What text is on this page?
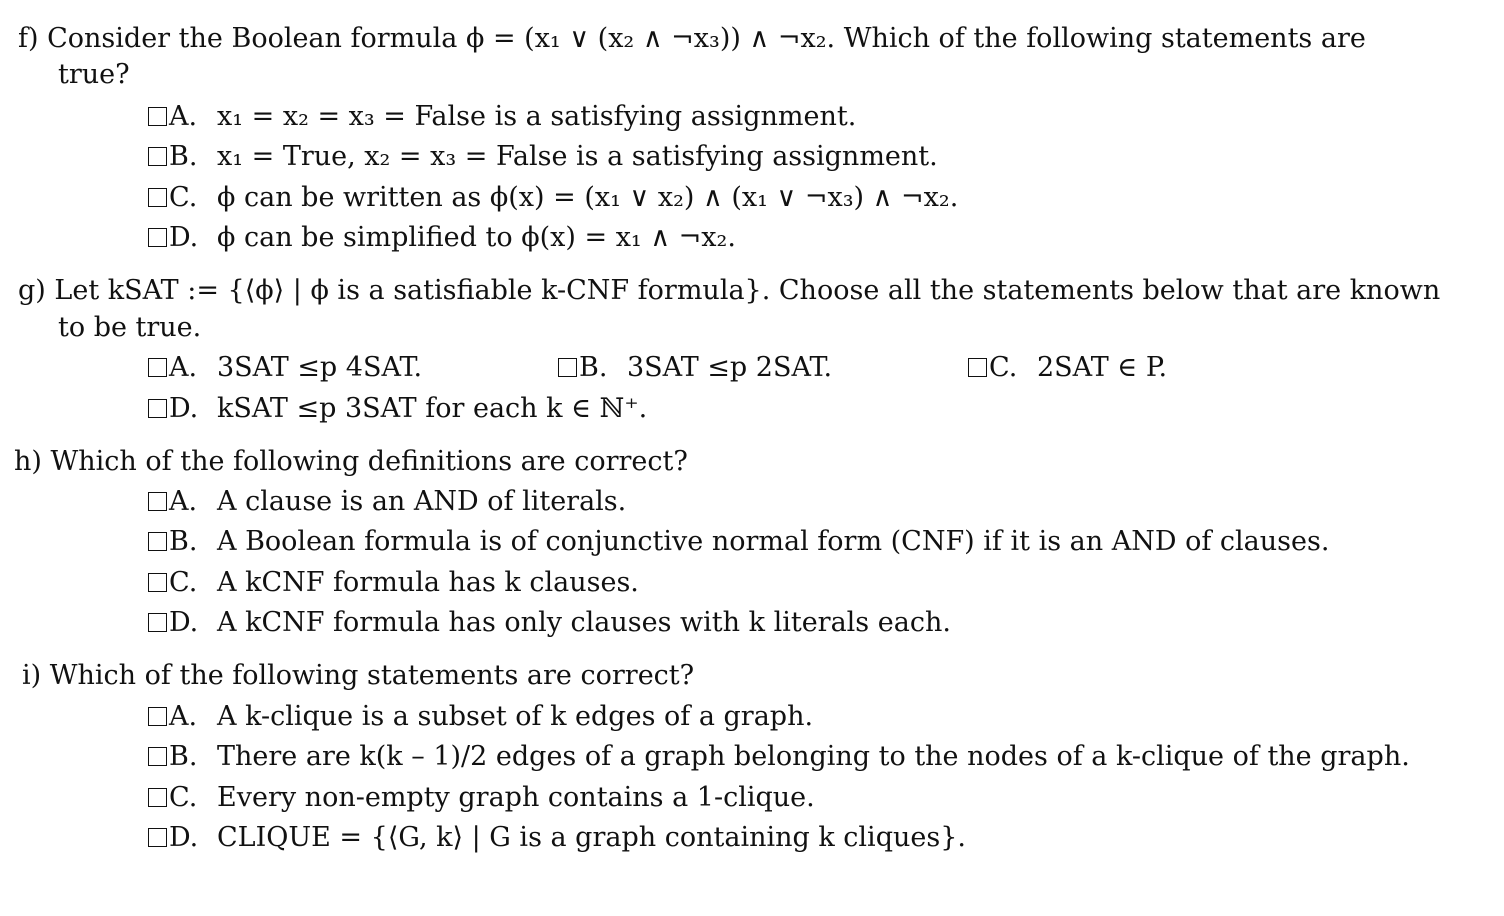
f) Consider the Boolean formula ϕ = (x₁ ∨ (x₂ ∧ ¬x₃)) ∧ ¬x₂. Which of the following statements are
true?
A. x₁ = x₂ = x₃ = False is a satisfying assignment.
B. x₁ = True, x₂ = x₃ = False is a satisfying assignment.
C. ϕ can be written as ϕ(x) = (x₁ ∨ x₂) ∧ (x₁ ∨ ¬x₃) ∧ ¬x₂.
D. ϕ can be simplified to ϕ(x) = x₁ ∧ ¬x₂.
g) Let kSAT := {⟨ϕ⟩ | ϕ is a satisfiable k-CNF formula}. Choose all the statements below that are known
to be true.
A. 3SAT ≤p 4SAT.	B. 3SAT ≤p 2SAT.	C. 2SAT ∈ P.
D. kSAT ≤p 3SAT for each k ∈ ℕ⁺.
h) Which of the following definitions are correct?
A. A clause is an AND of literals.
B. A Boolean formula is of conjunctive normal form (CNF) if it is an AND of clauses.
C. A kCNF formula has k clauses.
D. A kCNF formula has only clauses with k literals each.
i) Which of the following statements are correct?
A. A k-clique is a subset of k edges of a graph.
B. There are k(k – 1)/2 edges of a graph belonging to the nodes of a k-clique of the graph.
C. Every non-empty graph contains a 1-clique.
D. CLIQUE = {⟨G, k⟩ | G is a graph containing k cliques}.
